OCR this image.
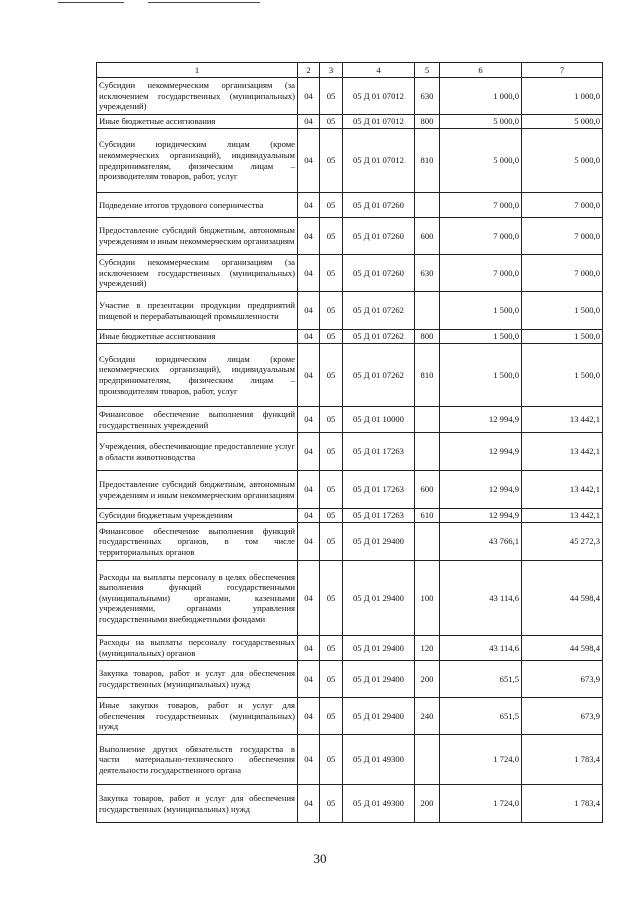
1	2	3	4	5	6	7
Субсидии некоммерческим организациям (за исключением государственных (муниципальных) учреждений)	04	05	05 Д 01 07012	630	1 000,0	1 000,0
Иные бюджетные ассигнования	04	05	05 Д 01 07012	800	5 000,0	5 000,0
Субсидии юридическим лицам (кроме некоммерческих организаций), индивидуальным предпринимателям, физическим лицам – производителям товаров, работ, услуг	04	05	05 Д 01 07012	810	5 000,0	5 000,0
Подведение итогов трудового соперничества	04	05	05 Д 01 07260		7 000,0	7 000,0
Предоставление субсидий бюджетным, автономным учреждениям и иным некоммерческим организациям	04	05	05 Д 01 07260	600	7 000,0	7 000,0
Субсидии некоммерческим организациям (за исключением государственных (муниципальных) учреждений)	04	05	05 Д 01 07260	630	7 000,0	7 000,0
Участие в презентации продукции предприятий пищевой и перерабатывающей промышленности	04	05	05 Д 01 07262		1 500,0	1 500,0
Иные бюджетные ассигнования	04	05	05 Д 01 07262	800	1 500,0	1 500,0
Субсидии юридическим лицам (кроме некоммерческих организаций), индивидуальным предпринимателям, физическим лицам – производителям товаров, работ, услуг	04	05	05 Д 01 07262	810	1 500,0	1 500,0
Финансовое обеспечение выполнения функций государственных учреждений	04	05	05 Д 01 10000		12 994,9	13 442,1
Учреждения, обеспечивающие предоставление услуг в области животноводства	04	05	05 Д 01 17263		12 994,9	13 442,1
Предоставление субсидий бюджетным, автономным учреждениям и иным некоммерческим организациям	04	05	05 Д 01 17263	600	12 994,9	13 442,1
Субсидии бюджетным учреждениям	04	05	05 Д 01 17263	610	12 994,9	13 442,1
Финансовое обеспечение выполнения функций государственных органов, в том числе территориальных органов	04	05	05 Д 01 29400		43 766,1	45 272,3
Расходы на выплаты персоналу в целях обеспечения выполнения функций государственными (муниципальными) органами, казенными учреждениями, органами управления государственными внебюджетными фондами	04	05	05 Д 01 29400	100	43 114,6	44 598,4
Расходы на выплаты персоналу государственных (муниципальных) органов	04	05	05 Д 01 29400	120	43 114,6	44 598,4
Закупка товаров, работ и услуг для обеспечения государственных (муниципальных) нужд	04	05	05 Д 01 29400	200	651,5	673,9
Иные закупки товаров, работ и услуг для обеспечения государственных (муниципальных) нужд	04	05	05 Д 01 29400	240	651,5	673,9
Выполнение других обязательств государства в части материально-технического обеспечения деятельности государственного органа	04	05	05 Д 01 49300		1 724,0	1 783,4
Закупка товаров, работ и услуг для обеспечения государственных (муниципальных) нужд	04	05	05 Д 01 49300	200	1 724,0	1 783,4
30
